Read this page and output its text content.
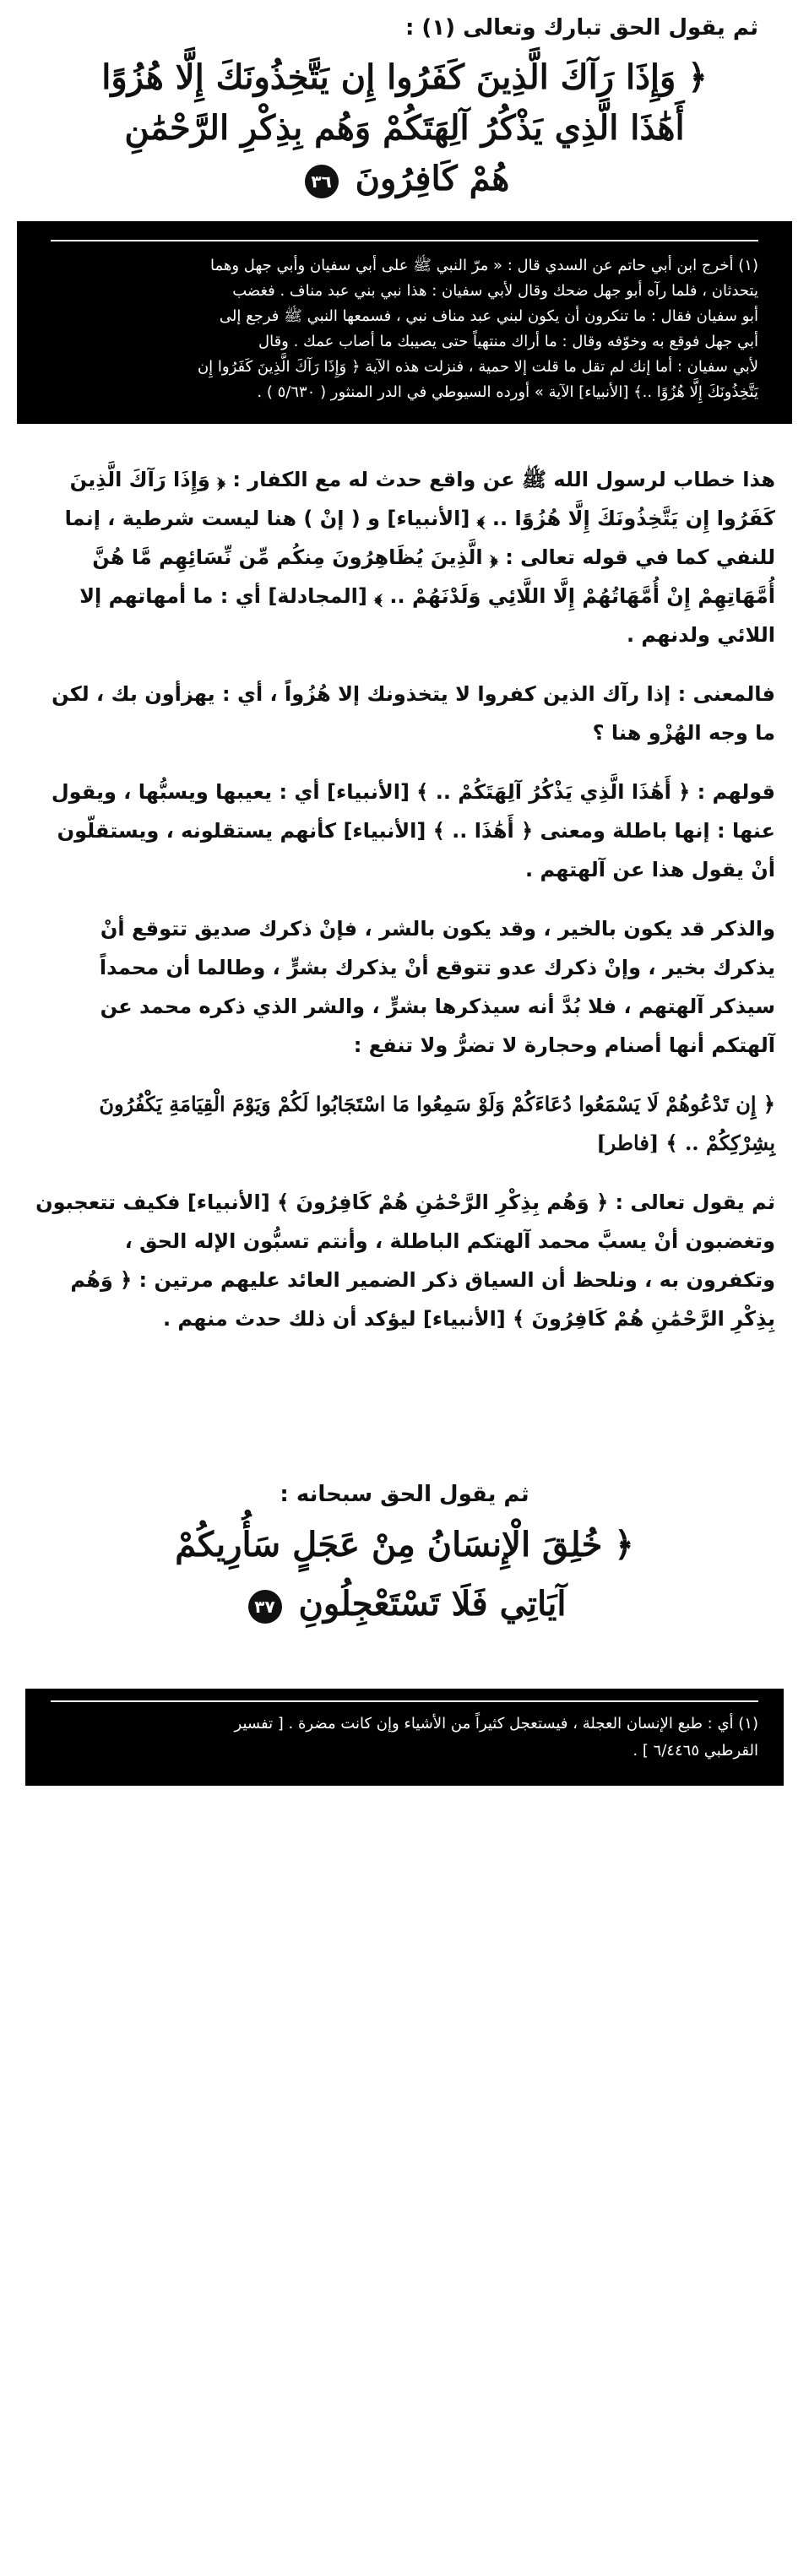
ثم يقول الحق تبارك وتعالى (١) :
﴿ وَإِذَا رَآكَ الَّذِينَ كَفَرُوا إِن يَتَّخِذُونَكَ إِلَّا هُزُوًا
أَهَٰذَا الَّذِي يَذْكُرُ آلِهَتَكُمْ وَهُم بِذِكْرِ الرَّحْمَٰنِ
هُمْ كَافِرُونَ ٣٦
(١) أخرج ابن أبي حاتم عن السدي قال : « مرّ النبي ﷺ على أبي سفيان وأبي جهل وهما
يتحدثان ، فلما رآه أبو جهل ضحك وقال لأبي سفيان : هذا نبي بني عبد مناف . فغضب
أبو سفيان فقال : ما تنكرون أن يكون لبني عبد مناف نبي ، فسمعها النبي ﷺ فرجع إلى
أبي جهل فوقع به وخوّفه وقال : ما أراك منتهياً حتى يصيبك ما أصاب عمك . وقال
لأبي سفيان : أما إنك لم تقل ما قلت إلا حمية ، فنزلت هذه الآية ﴿ وَإِذَا رَآكَ الَّذِينَ كَفَرُوا إِن
يَتَّخِذُونَكَ إِلَّا هُزُوًا ..﴾ [الأنبياء] الآية » أورده السيوطي في الدر المنثور ( ٥/٦٣٠ ) .

هذا خطاب لرسول الله ﷺ عن واقع حدث له مع الكفار : ﴿ وَإِذَا رَآكَ الَّذِينَ كَفَرُوا إِن يَتَّخِذُونَكَ إِلَّا هُزُوًا .. ﴾ [الأنبياء] و ( إنْ ) هنا ليست شرطية ، إنما للنفي كما في قوله تعالى : ﴿ الَّذِينَ يُظَاهِرُونَ مِنكُم مِّن نِّسَائِهِم مَّا هُنَّ أُمَّهَاتِهِمْ إِنْ أُمَّهَاتُهُمْ إِلَّا اللَّائِي وَلَدْنَهُمْ .. ﴾ [المجادلة] أي : ما أمهاتهم إلا اللائي ولدنهم .

فالمعنى : إذا رآك الذين كفروا لا يتخذونك إلا هُزُواً ، أي : يهزأون بك ، لكن ما وجه الهُزْو هنا ؟

قولهم : ﴿ أَهَٰذَا الَّذِي يَذْكُرُ آلِهَتَكُمْ .. ﴾ [الأنبياء] أي : يعيبها ويسبُّها ، ويقول عنها : إنها باطلة ومعنى ﴿ أَهَٰذَا .. ﴾ [الأنبياء] كأنهم يستقلونه ، ويستقلّون أنْ يقول هذا عن آلهتهم .

والذكر قد يكون بالخير ، وقد يكون بالشر ، فإنْ ذكرك صديق تتوقع أنْ يذكرك بخير ، وإنْ ذكرك عدو تتوقع أنْ يذكرك بشرٍّ ، وطالما أن محمداً سيذكر آلهتهم ، فلا بُدَّ أنه سيذكرها بشرٍّ ، والشر الذي ذكره محمد عن آلهتكم أنها أصنام وحجارة لا تضرُّ ولا تنفع :

﴿ إِن تَدْعُوهُمْ لَا يَسْمَعُوا دُعَاءَكُمْ وَلَوْ سَمِعُوا مَا اسْتَجَابُوا لَكُمْ وَيَوْمَ الْقِيَامَةِ يَكْفُرُونَ بِشِرْكِكُمْ .. ﴾ [فاطر]

ثم يقول تعالى : ﴿ وَهُم بِذِكْرِ الرَّحْمَٰنِ هُمْ كَافِرُونَ ﴾ [الأنبياء] فكيف تتعجبون وتغضبون أنْ يسبَّ محمد آلهتكم الباطلة ، وأنتم تسبُّون الإله الحق ، وتكفرون به ، ونلحظ أن السياق ذكر الضمير العائد عليهم مرتين : ﴿ وَهُم بِذِكْرِ الرَّحْمَٰنِ هُمْ كَافِرُونَ ﴾ [الأنبياء] ليؤكد أن ذلك حدث منهم .

ثم يقول الحق سبحانه :
﴿ خُلِقَ الْإِنسَانُ مِنْ عَجَلٍ سَأُرِيكُمْ
آيَاتِي فَلَا تَسْتَعْجِلُونِ ٣٧
(١) أي : طبع الإنسان العجلة ، فيستعجل كثيراً من الأشياء وإن كانت مضرة . [ تفسير
القرطبي ٦/٤٤٦٥ ] .
